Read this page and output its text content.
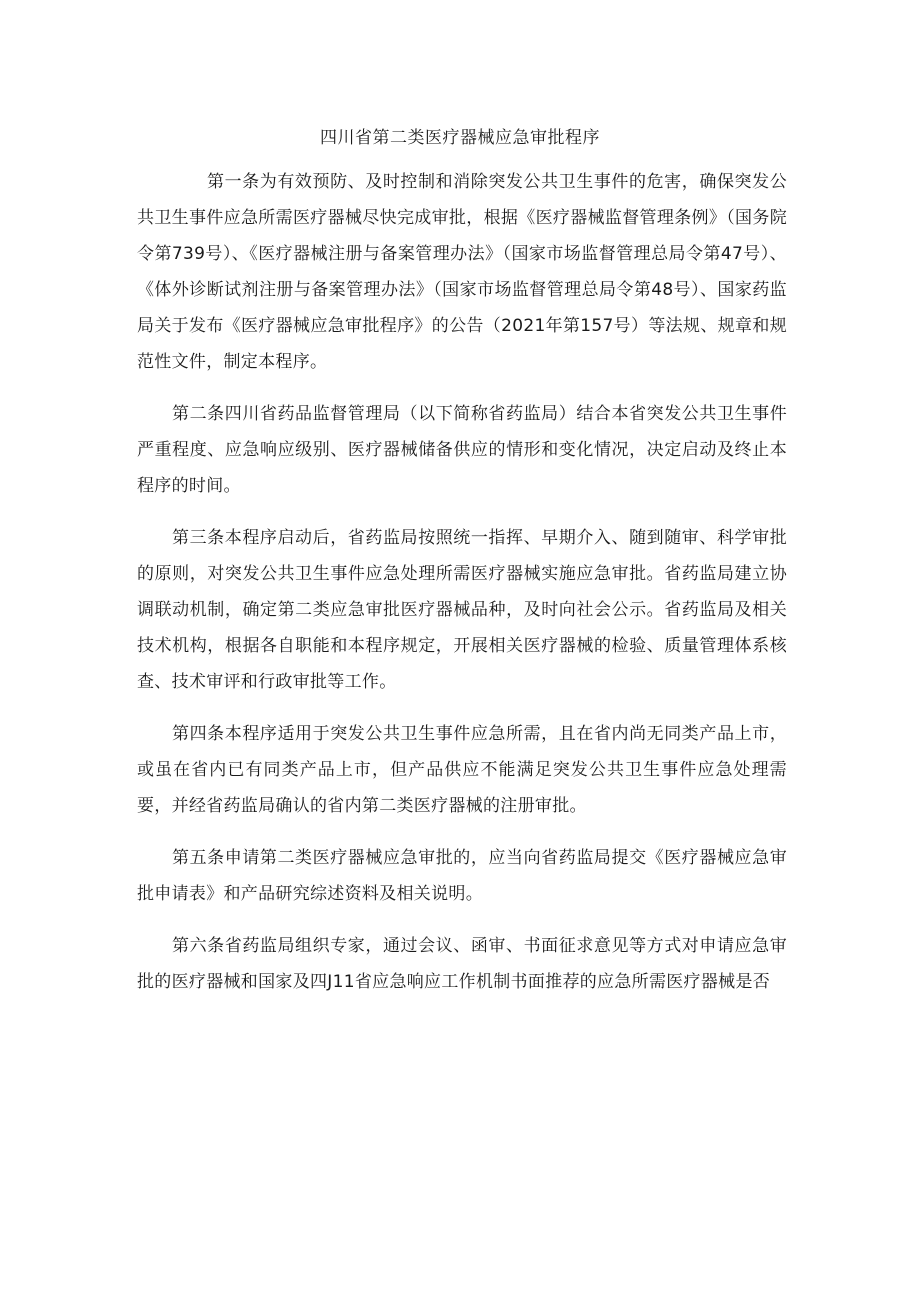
四川省第二类医疗器械应急审批程序

第一条为有效预防、及时控制和消除突发公共卫生事件的危害，确保突发公共卫生事件应急所需医疗器械尽快完成审批，根据《医疗器械监督管理条例》（国务院令第739号）、《医疗器械注册与备案管理办法》（国家市场监督管理总局令第47号）、《体外诊断试剂注册与备案管理办法》（国家市场监督管理总局令第48号）、国家药监局关于发布《医疗器械应急审批程序》的公告（2021年第157号）等法规、规章和规范性文件，制定本程序。

第二条四川省药品监督管理局（以下简称省药监局）结合本省突发公共卫生事件严重程度、应急响应级别、医疗器械储备供应的情形和变化情况，决定启动及终止本程序的时间。

第三条本程序启动后，省药监局按照统一指挥、早期介入、随到随审、科学审批的原则，对突发公共卫生事件应急处理所需医疗器械实施应急审批。省药监局建立协调联动机制，确定第二类应急审批医疗器械品种，及时向社会公示。省药监局及相关技术机构，根据各自职能和本程序规定，开展相关医疗器械的检验、质量管理体系核查、技术审评和行政审批等工作。

第四条本程序适用于突发公共卫生事件应急所需，且在省内尚无同类产品上市，或虽在省内已有同类产品上市，但产品供应不能满足突发公共卫生事件应急处理需要，并经省药监局确认的省内第二类医疗器械的注册审批。

第五条申请第二类医疗器械应急审批的，应当向省药监局提交《医疗器械应急审批申请表》和产品研究综述资料及相关说明。

第六条省药监局组织专家，通过会议、函审、书面征求意见等方式对申请应急审批的医疗器械和国家及四J11省应急响应工作机制书面推荐的应急所需医疗器械是否
